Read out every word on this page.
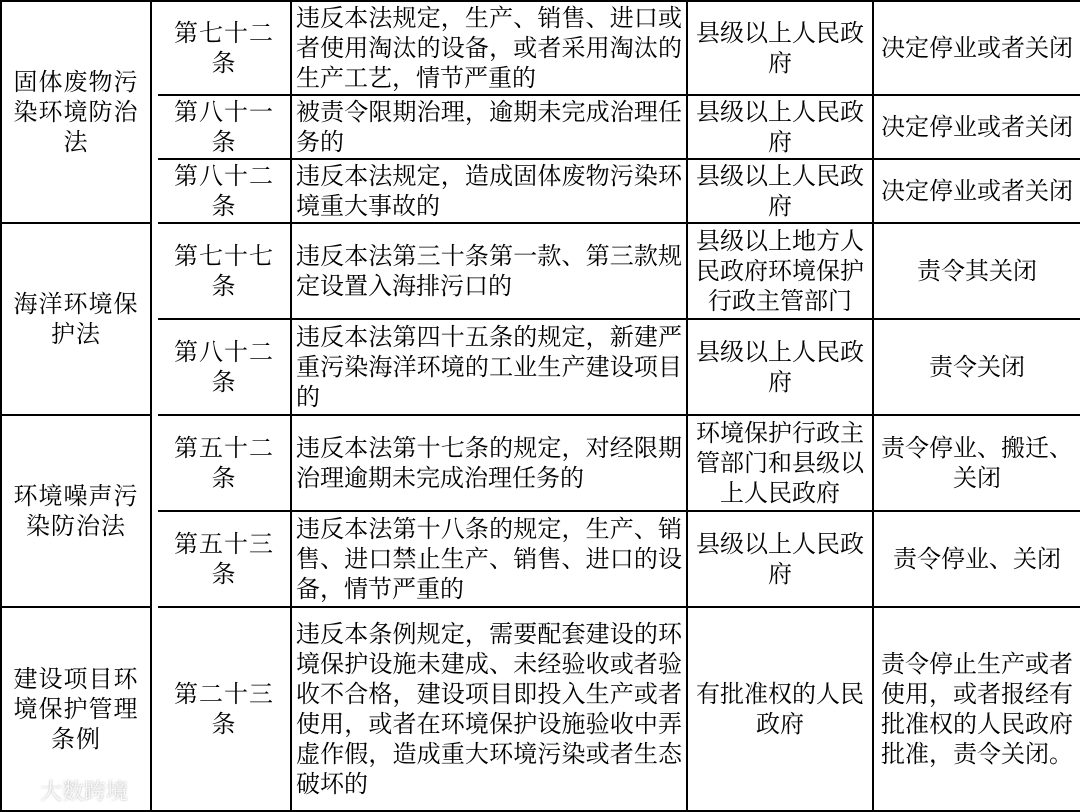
固体废物污染环境防治法		第七十二条	违反本法规定，生产、销售、进口或者使用淘汰的设备，或者采用淘汰的生产工艺，情节严重的	县级以上人民政府	决定停业或者关闭

		第八十一条	被责令限期治理，逾期未完成治理任务的	县级以上人民政府	决定停业或者关闭

		第八十二条	违反本法规定，造成固体废物污染环境重大事故的	县级以上人民政府	决定停业或者关闭

海洋环境保护法		第七十七条	违反本法第三十条第一款、第三款规定设置入海排污口的	县级以上地方人民政府环境保护行政主管部门	责令其关闭

		第八十二条	违反本法第四十五条的规定，新建严重污染海洋环境的工业生产建设项目的	县级以上人民政府	责令关闭

环境噪声污染防治法		第五十二条	违反本法第十七条的规定，对经限期治理逾期未完成治理任务的	环境保护行政主管部门和县级以上人民政府	责令停业、搬迁、关闭

		第五十三条	违反本法第十八条的规定，生产、销售、进口禁止生产、销售、进口的设备，情节严重的	县级以上人民政府	责令停业、关闭

建设项目环境保护管理条例		第二十三条	违反本条例规定，需要配套建设的环境保护设施未建成、未经验收或者验收不合格，建设项目即投入生产或者使用，或者在环境保护设施验收中弄虚作假，造成重大环境污染或者生态破坏的	有批准权的人民政府	责令停止生产或者使用，或者报经有批准权的人民政府批准，责令关闭。
大数跨境
